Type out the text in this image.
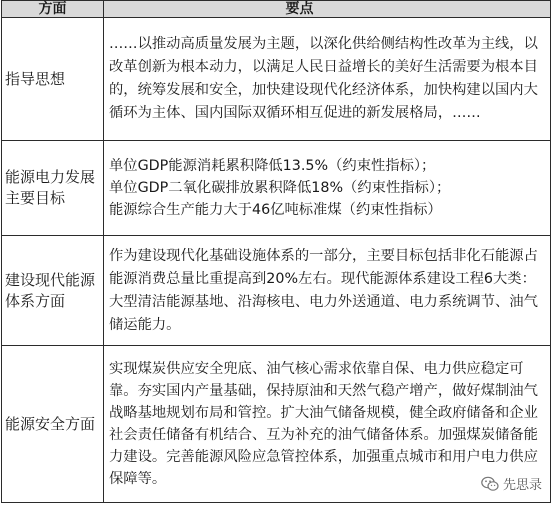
方面	要点
指导思想
……以推动高质量发展为主题，以深化供给侧结构性改革为主线，以改革创新为根本动力，以满足人民日益增长的美好生活需要为根本目的，统筹发展和安全，加快建设现代化经济体系，加快构建以国内大循环为主体、国内国际双循环相互促进的新发展格局，……
能源电力发展主要目标
单位GDP能源消耗累积降低13.5%（约束性指标）；
单位GDP二氧化碳排放累积降低18%（约束性指标）；
能源综合生产能力大于46亿吨标准煤（约束性指标）
建设现代能源体系方面
作为建设现代化基础设施体系的一部分，主要目标包括非化石能源占能源消费总量比重提高到20%左右。现代能源体系建设工程6大类：大型清洁能源基地、沿海核电、电力外送通道、电力系统调节、油气储运能力。
能源安全方面
实现煤炭供应安全兜底、油气核心需求依靠自保、电力供应稳定可靠。夯实国内产量基础，保持原油和天然气稳产增产，做好煤制油气战略基地规划布局和管控。扩大油气储备规模，健全政府储备和企业社会责任储备有机结合、互为补充的油气储备体系。加强煤炭储备能力建设。完善能源风险应急管控体系，加强重点城市和用户电力供应保障等。	先思录
